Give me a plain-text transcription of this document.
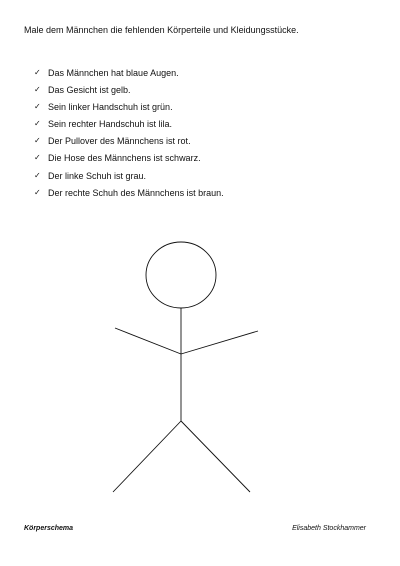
Male dem Männchen die fehlenden Körperteile und Kleidungsstücke.
✓ Das Männchen hat blaue Augen.
✓ Das Gesicht ist gelb.
✓ Sein linker Handschuh ist grün.
✓ Sein rechter Handschuh ist lila.
✓ Der Pullover des Männchens ist rot.
✓ Die Hose des Männchens ist schwarz.
✓ Der linke Schuh ist grau.
✓ Der rechte Schuh des Männchens ist braun.
Körperschema	Elisabeth Stockhammer
